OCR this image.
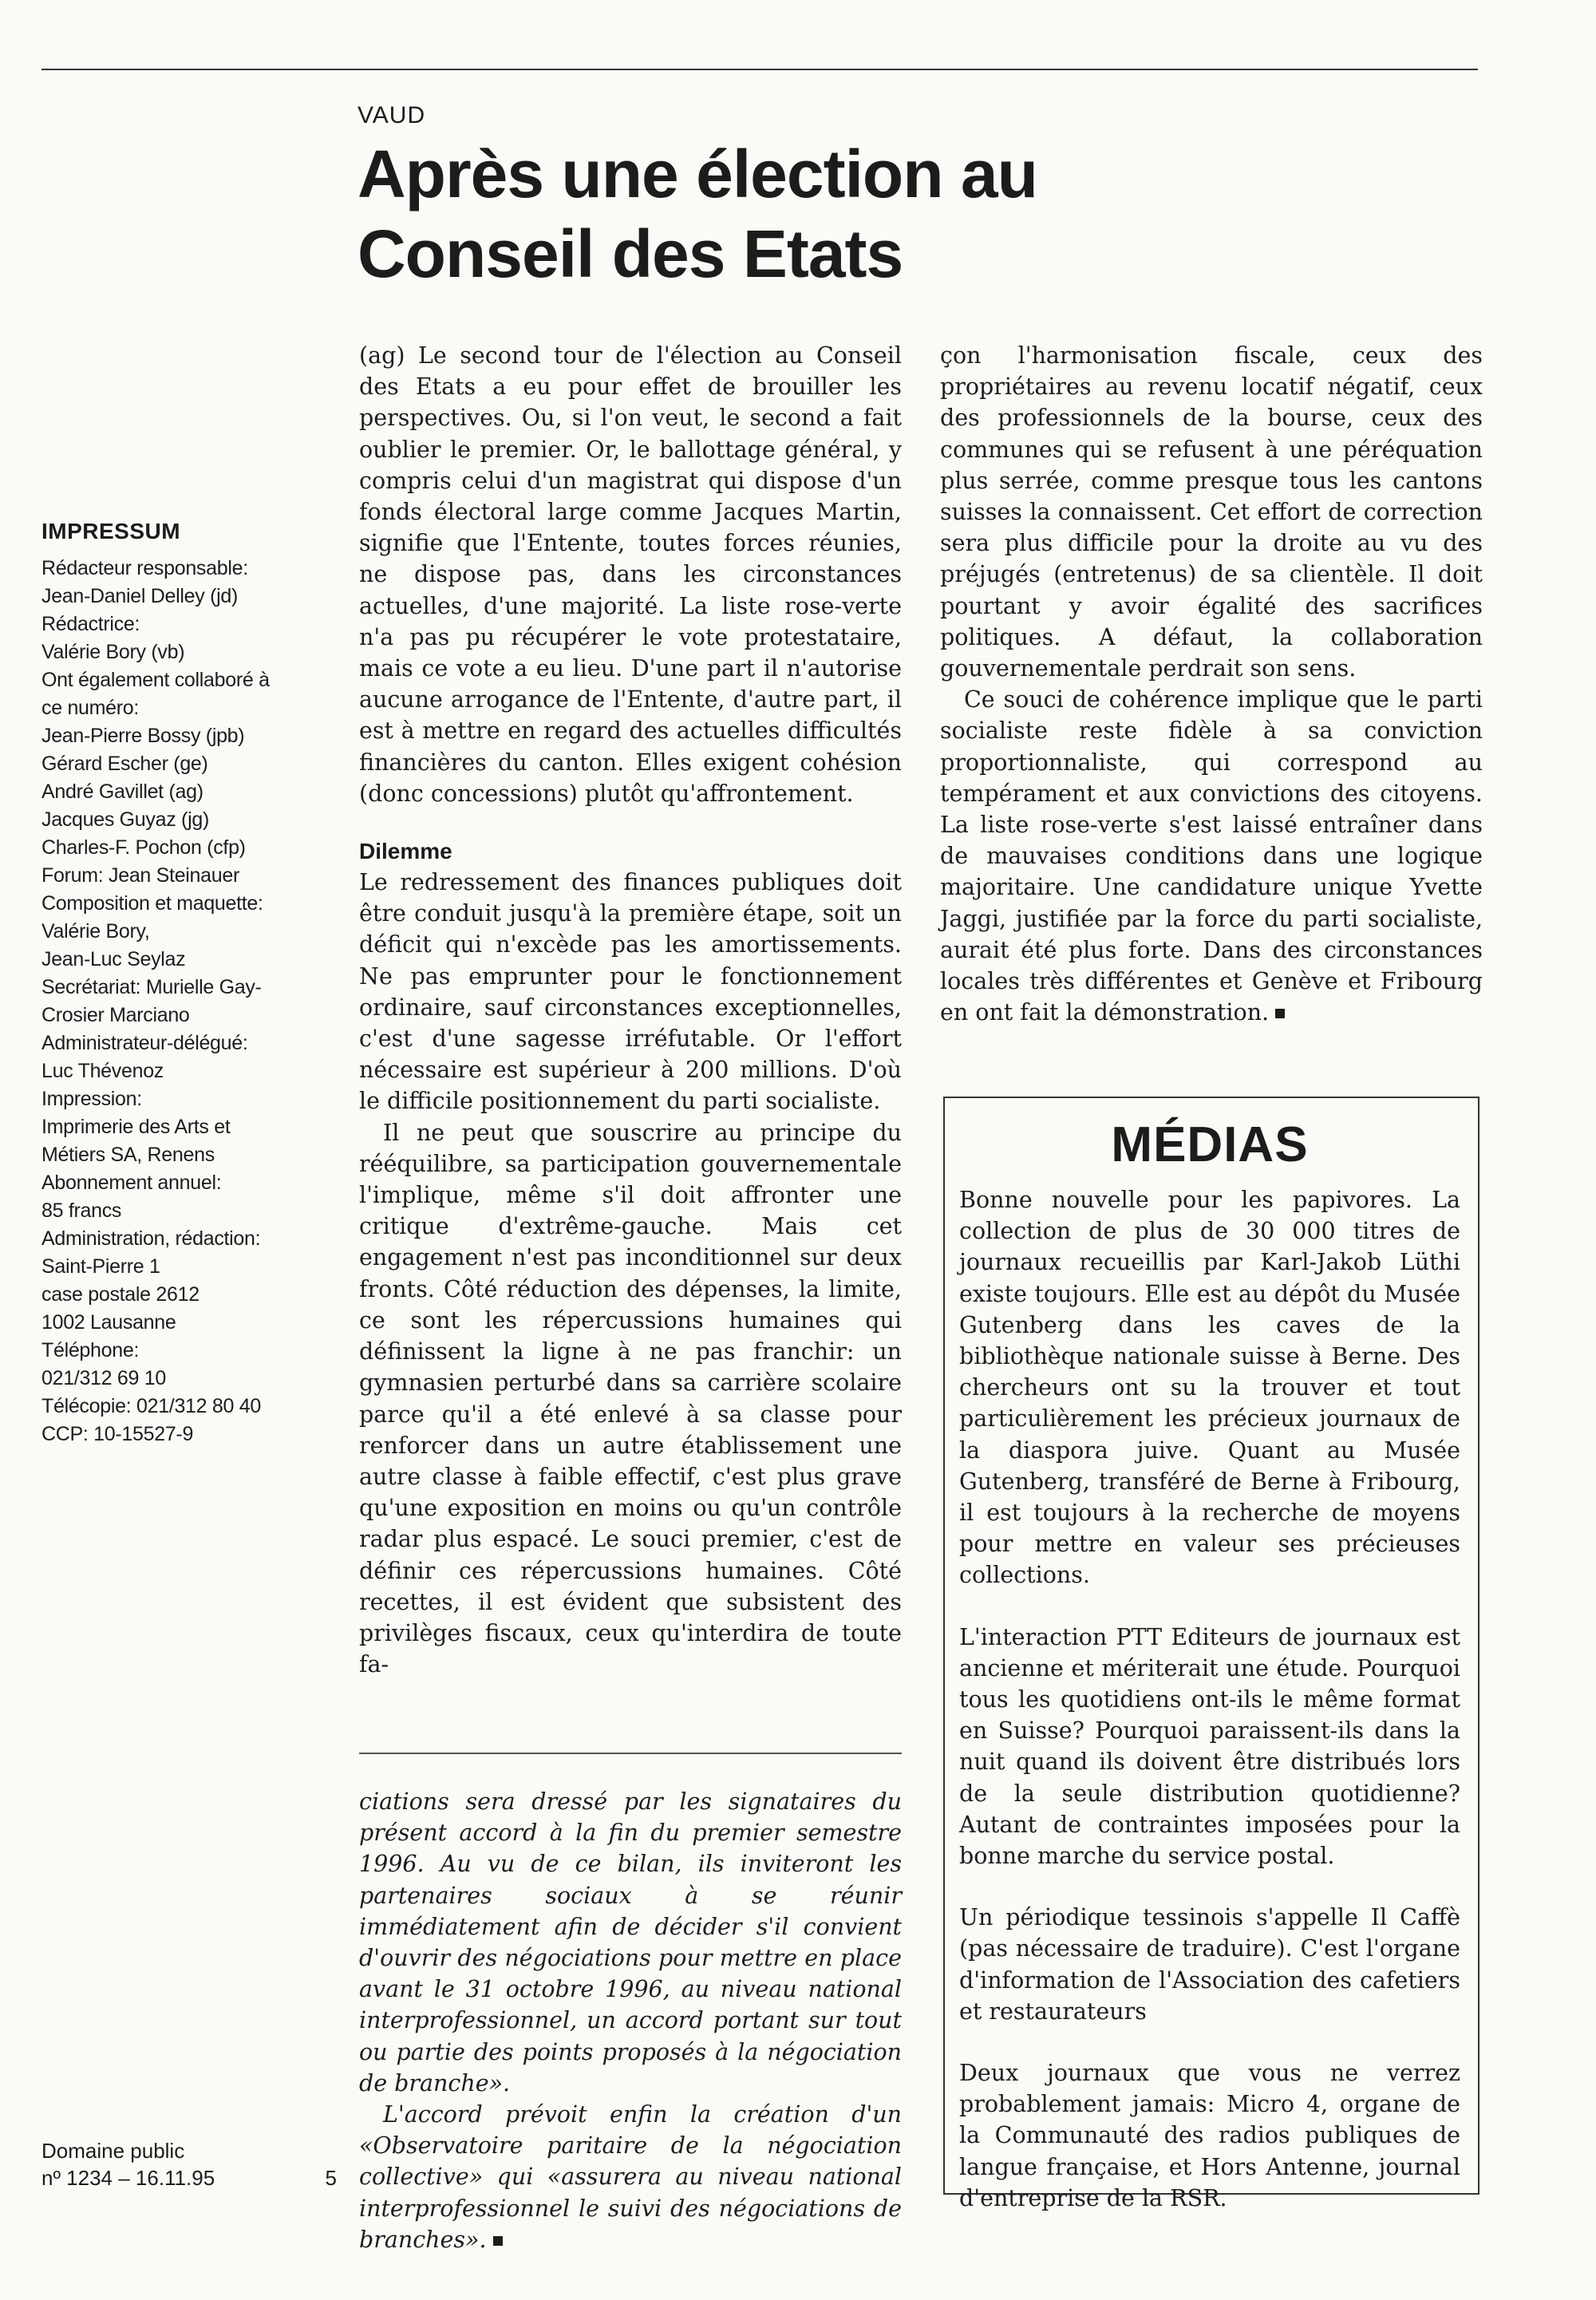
IMPRESSUM
Rédacteur responsable:
Jean-Daniel Delley (jd)
Rédactrice:
Valérie Bory (vb)
Ont également collaboré à
ce numéro:
Jean-Pierre Bossy (jpb)
Gérard Escher (ge)
André Gavillet (ag)
Jacques Guyaz (jg)
Charles-F. Pochon (cfp)
Forum: Jean Steinauer
Composition et maquette:
Valérie Bory,
Jean-Luc Seylaz
Secrétariat: Murielle Gay-
Crosier Marciano
Administrateur-délégué:
Luc Thévenoz
Impression:
Imprimerie des Arts et
Métiers SA, Renens
Abonnement annuel:
85 francs
Administration, rédaction:
Saint-Pierre 1
case postale 2612
1002 Lausanne
Téléphone:
021/312 69 10
Télécopie: 021/312 80 40
CCP: 10-15527-9
Domaine public
nº 1234 – 16.11.95	5
VAUD
Après une élection au Conseil des Etats

(ag) Le second tour de l'élection au Conseil des Etats a eu pour effet de brouiller les perspectives. Ou, si l'on veut, le second a fait oublier le premier. Or, le ballottage général, y compris celui d'un magistrat qui dispose d'un fonds électoral large comme Jacques Martin, signifie que l'Entente, toutes forces réunies, ne dispose pas, dans les circonstances actuelles, d'une majorité. La liste rose-verte n'a pas pu récupérer le vote protestataire, mais ce vote a eu lieu. D'une part il n'autorise aucune arrogance de l'Entente, d'autre part, il est à mettre en regard des actuelles difficultés financières du canton. Elles exigent cohésion (donc concessions) plutôt qu'affrontement.

Dilemme

Le redressement des finances publiques doit être conduit jusqu'à la première étape, soit un déficit qui n'excède pas les amortissements. Ne pas emprunter pour le fonctionnement ordinaire, sauf circonstances exceptionnelles, c'est d'une sagesse irréfutable. Or l'effort nécessaire est supérieur à 200 millions. D'où le difficile positionnement du parti socialiste.

Il ne peut que souscrire au principe du rééquilibre, sa participation gouvernementale l'implique, même s'il doit affronter une critique d'extrême-gauche. Mais cet engagement n'est pas inconditionnel sur deux fronts. Côté réduction des dépenses, la limite, ce sont les répercussions humaines qui définissent la ligne à ne pas franchir: un gymnasien perturbé dans sa carrière scolaire parce qu'il a été enlevé à sa classe pour renforcer dans un autre établissement une autre classe à faible effectif, c'est plus grave qu'une exposition en moins ou qu'un contrôle radar plus espacé. Le souci premier, c'est de définir ces répercussions humaines. Côté recettes, il est évident que subsistent des privilèges fiscaux, ceux qu'interdira de toute fa-

ciations sera dressé par les signataires du présent accord à la fin du premier semestre 1996. Au vu de ce bilan, ils inviteront les partenaires sociaux à se réunir immédiatement afin de décider s'il convient d'ouvrir des négociations pour mettre en place avant le 31 octobre 1996, au niveau national interprofessionnel, un accord portant sur tout ou partie des points proposés à la négociation de branche».

L'accord prévoit enfin la création d'un «Observatoire paritaire de la négociation collective» qui «assurera au niveau national interprofessionnel le suivi des négociations de branches».

çon l'harmonisation fiscale, ceux des propriétaires au revenu locatif négatif, ceux des professionnels de la bourse, ceux des communes qui se refusent à une péréquation plus serrée, comme presque tous les cantons suisses la connaissent. Cet effort de correction sera plus difficile pour la droite au vu des préjugés (entretenus) de sa clientèle. Il doit pourtant y avoir égalité des sacrifices politiques. A défaut, la collaboration gouvernementale perdrait son sens.

Ce souci de cohérence implique que le parti socialiste reste fidèle à sa conviction proportionnaliste, qui correspond au tempérament et aux convictions des citoyens. La liste rose-verte s'est laissé entraîner dans de mauvaises conditions dans une logique majoritaire. Une candidature unique Yvette Jaggi, justifiée par la force du parti socialiste, aurait été plus forte. Dans des circonstances locales très différentes et Genève et Fribourg en ont fait la démonstration.

MÉDIAS

Bonne nouvelle pour les papivores. La collection de plus de 30 000 titres de journaux recueillis par Karl-Jakob Lüthi existe toujours. Elle est au dépôt du Musée Gutenberg dans les caves de la bibliothèque nationale suisse à Berne. Des chercheurs ont su la trouver et tout particulièrement les précieux journaux de la diaspora juive. Quant au Musée Gutenberg, transféré de Berne à Fribourg, il est toujours à la recherche de moyens pour mettre en valeur ses précieuses collections.

L'interaction PTT Editeurs de journaux est ancienne et mériterait une étude. Pourquoi tous les quotidiens ont-ils le même format en Suisse? Pourquoi paraissent-ils dans la nuit quand ils doivent être distribués lors de la seule distribution quotidienne? Autant de contraintes imposées pour la bonne marche du service postal.

Un périodique tessinois s'appelle Il Caffè (pas nécessaire de traduire). C'est l'organe d'information de l'Association des cafetiers et restaurateurs

Deux journaux que vous ne verrez probablement jamais: Micro 4, organe de la Communauté des radios publiques de langue française, et Hors Antenne, journal d'entreprise de la RSR.
